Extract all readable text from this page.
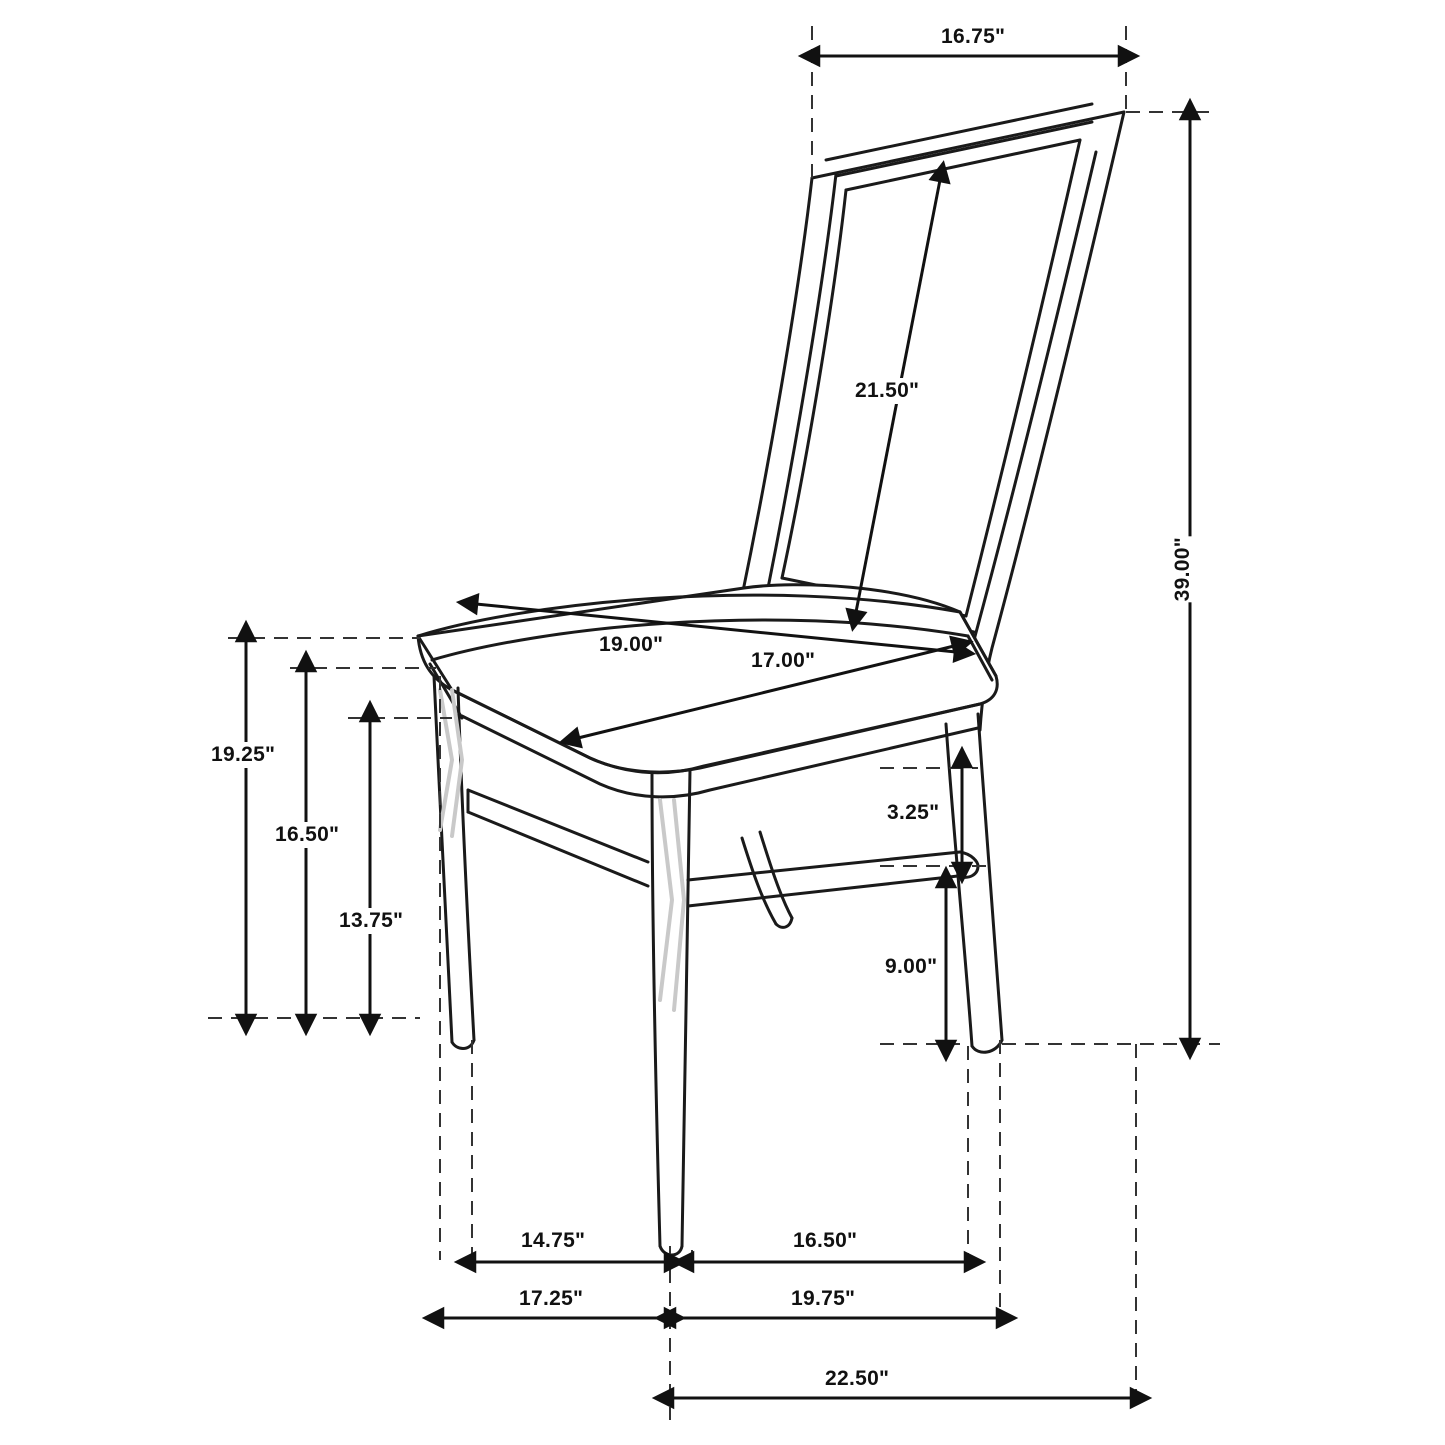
16.75"
21.50"
39.00"
19.00"
17.00"
19.25"
16.50"
13.75"
3.25"
9.00"
14.75"	16.50"
17.25"	19.75"
22.50"
